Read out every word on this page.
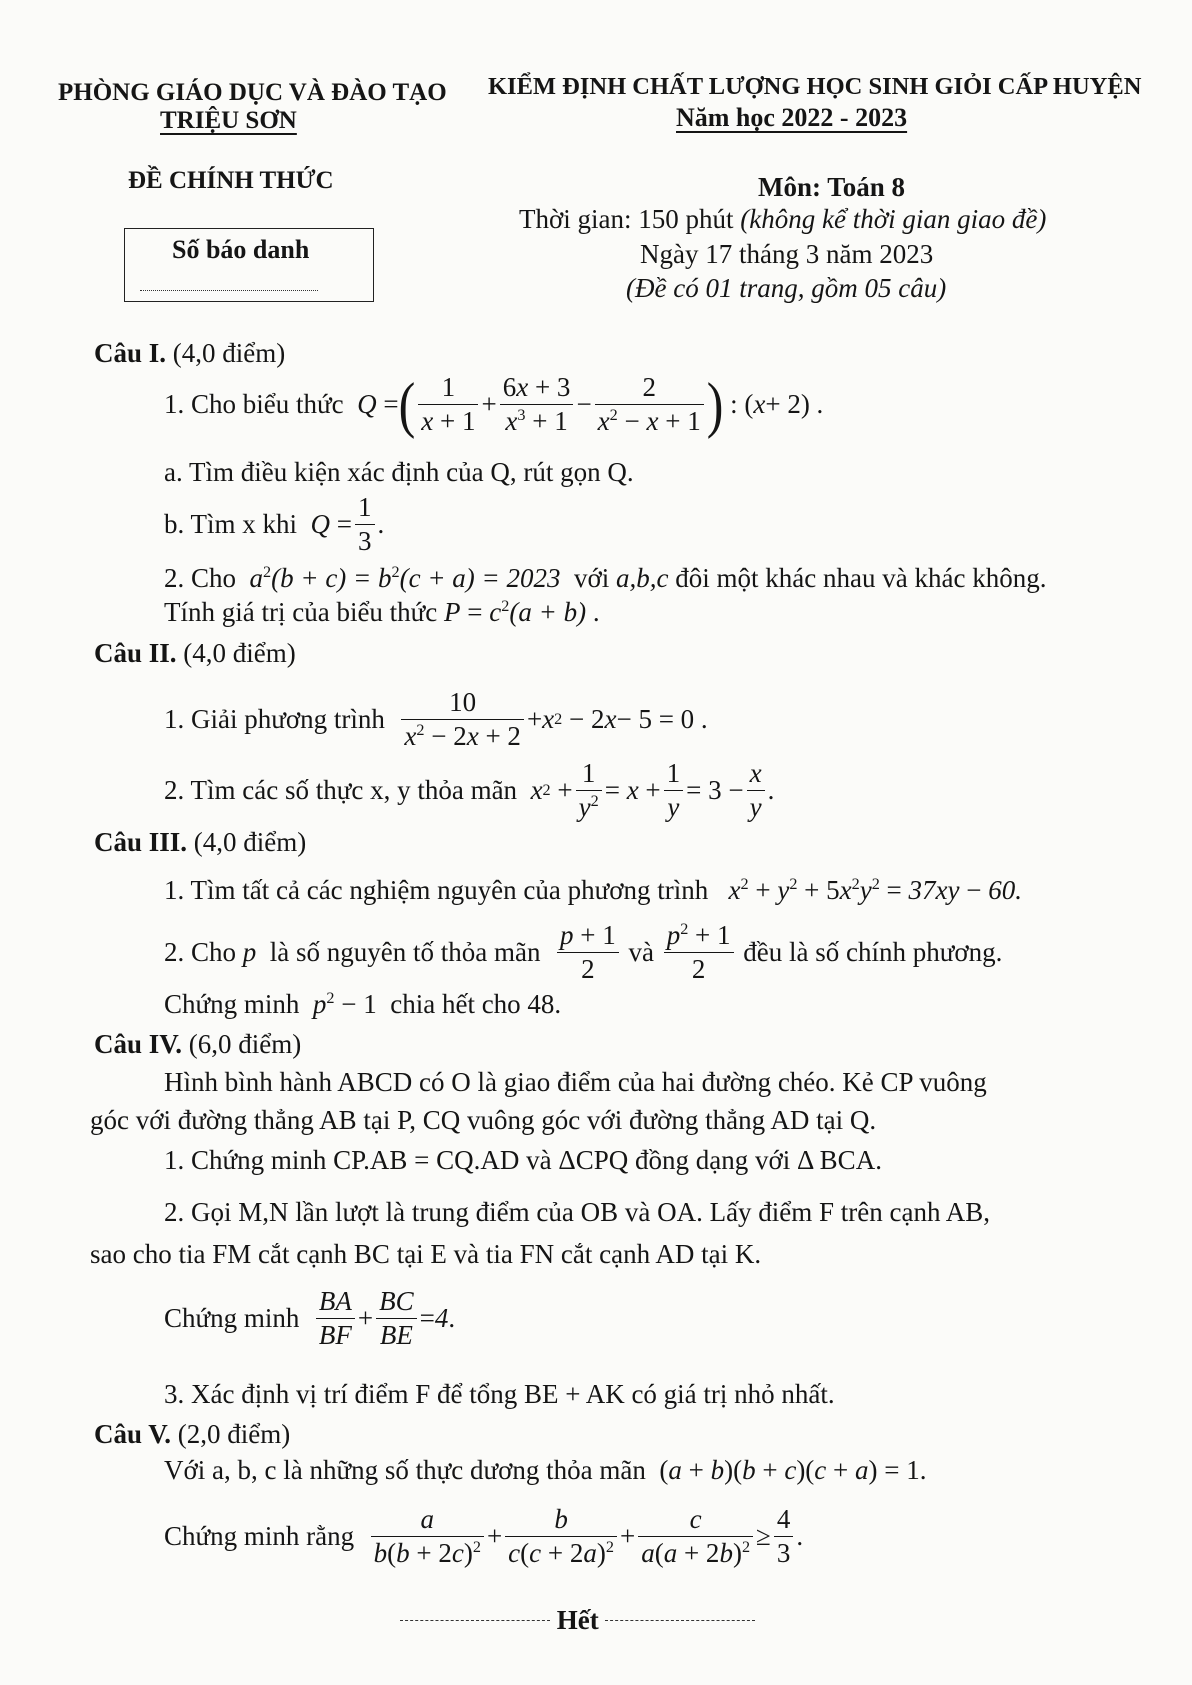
PHÒNG GIÁO DỤC VÀ ĐÀO TẠO
TRIỆU SƠN
KIỂM ĐỊNH CHẤT LƯỢNG HỌC SINH GIỎI CẤP HUYỆN
Năm học 2022 - 2023
ĐỀ CHÍNH THỨC	Môn: Toán 8
Thời gian: 150 phút (không kể thời gian giao đề)
Ngày 17 tháng 3 năm 2023
(Đề có 01 trang, gồm 05 câu)
Số báo danh
Câu I. (4,0 điểm)
1. Cho biểu thức
Q = ( $\frac{1}{x + 1} + \frac{6x + 3}{x^3 + 1} - \frac{2}{x^2 - x + 1}$ ) : ( x + 2) .
a. Tìm điều kiện xác định của Q, rút gọn Q.
b. Tìm x khi
$Q = \frac{1}{3}$ .
2. Cho $a^2(b + c) = b^2(c + a) = 2023$ với a,b,c đôi một khác nhau và khác không.
Tính giá trị của biểu thức $P = c^2(a + b)$ .
Câu II. (4,0 điểm)
1. Giải phương trình
$\frac{10}{x^2 - 2x + 2} + x$ 2 − 2 x − 5 = 0 .
2. Tìm các số thực x, y thỏa mãn
x $2 + \frac{1}{y^2} = x + \frac{1}{y} = 3 - \frac{x}{y}$ .
Câu III. (4,0 điểm)
1. Tìm tất cả các nghiệm nguyên của phương trình $x^2 + y^2 + 5x^2y^2 = 37xy - 60$.
2. Cho
p
là số nguyên tố thỏa mãn
$\frac{p + 1}{2}$
và
$\frac{p^2 + 1}{2}$
đều là số chính phương.
Chứng minh $p^2 - 1$  chia hết cho 48.
Câu IV. (6,0 điểm)
Hình bình hành ABCD có O là giao điểm của hai đường chéo. Kẻ CP vuông
góc với đường thẳng AB tại P, CQ vuông góc với đường thẳng AD tại Q.
1. Chứng minh CP.AB = CQ.AD và ΔCPQ đồng dạng với Δ BCA.
2. Gọi M,N lần lượt là trung điểm của OB và OA. Lấy điểm F trên cạnh AB,
sao cho tia FM cắt cạnh BC tại E và tia FN cắt cạnh AD tại K.
Chứng minh
$\frac{BA}{BF} + \frac{BC}{BE} = 4$ .
3. Xác định vị trí điểm F để tổng BE + AK có giá trị nhỏ nhất.
Câu V. (2,0 điểm)
Với a, b, c là những số thực dương thỏa mãn  (a + b)(b + c)(c + a) = 1.
Chứng minh rằng
$\frac{a}{b(b + 2c)^2} + \frac{b}{c(c + 2a)^2} + \frac{c}{a(a + 2b)^2} \ge \frac{4}{3}$ .

Hết
